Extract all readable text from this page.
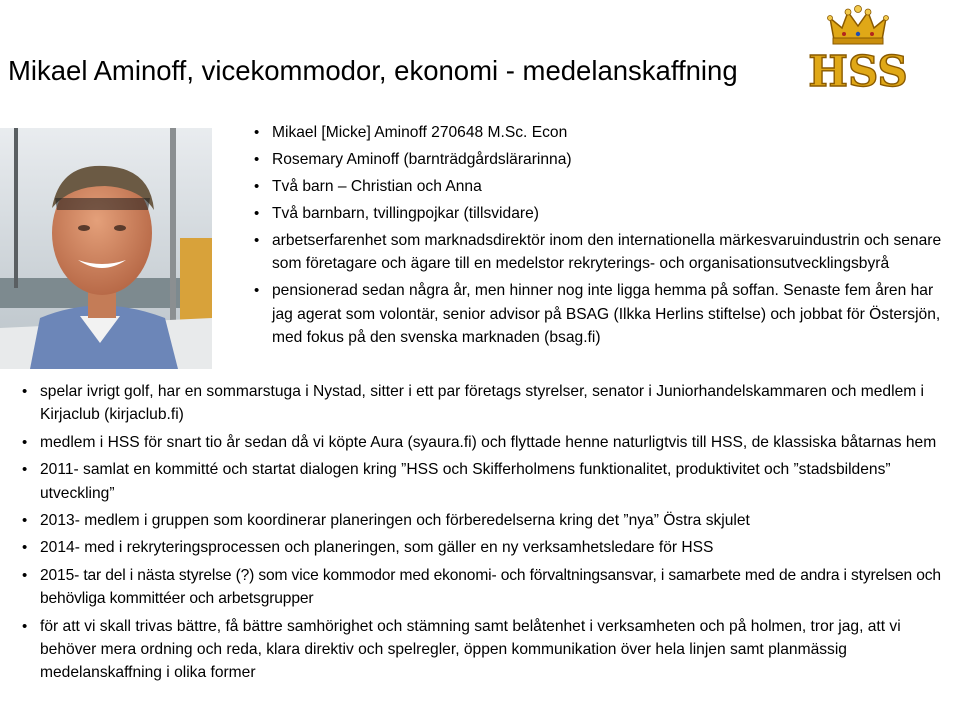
Mikael Aminoff, vicekommodor, ekonomi - medelanskaffning HSS
• Mikael [Micke] Aminoff 270648 M.Sc. Econ
• Rosemary Aminoff (barnträdgårdslärarinna)
• Två barn – Christian och Anna
• Två barnbarn, tvillingpojkar (tillsvidare)
• arbetserfarenhet som marknadsdirektör inom den internationella märkesvaruindustrin och senare som företagare och ägare till en medelstor rekryterings- och organisationsutvecklingsbyrå
• pensionerad sedan några år, men hinner nog inte ligga hemma på soffan. Senaste fem åren har jag agerat som volontär, senior advisor på BSAG (Ilkka Herlins stiftelse) och jobbat för Östersjön, med fokus på den svenska marknaden (bsag.fi)
• spelar ivrigt golf, har en sommarstuga i Nystad, sitter i ett par företags styrelser, senator i Juniorhandelskammaren och medlem i Kirjaclub (kirjaclub.fi)
• medlem i HSS för snart tio år sedan då vi köpte Aura (syaura.fi) och flyttade henne naturligtvis till HSS, de klassiska båtarnas hem
• 2011- samlat en kommitté och startat dialogen kring ”HSS och Skifferholmens funktionalitet, produktivitet och ”stadsbildens” utveckling”
• 2013- medlem i gruppen som koordinerar planeringen och förberedelserna kring det ”nya” Östra skjulet
• 2014- med i rekryteringsprocessen och planeringen, som gäller en ny verksamhetsledare för HSS
• 2015- tar del i nästa styrelse (?) som vice kommodor med ekonomi- och förvaltningsansvar, i samarbete med de andra i styrelsen och behövliga kommittéer och arbetsgrupper
• för att vi skall trivas bättre, få bättre samhörighet och stämning samt belåtenhet i verksamheten och på holmen, tror jag, att vi behöver mera ordning och reda, klara direktiv och spelregler, öppen kommunikation över hela linjen samt planmässig medelanskaffning i olika former
